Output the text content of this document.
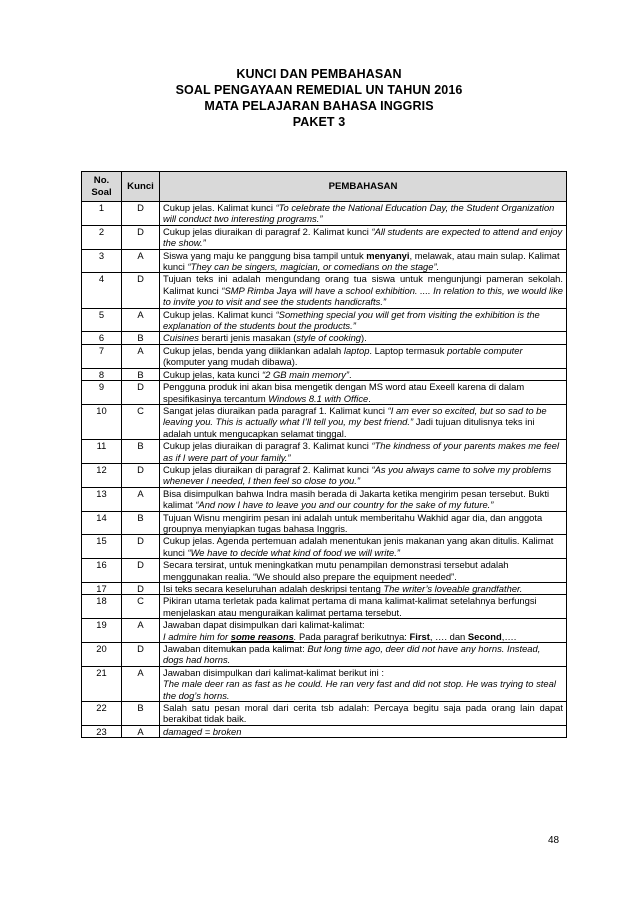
KUNCI DAN PEMBAHASAN
SOAL PENGAYAAN REMEDIAL UN TAHUN 2016
MATA PELAJARAN BAHASA INGGRIS
PAKET 3
No. Soal	Kunci	PEMBAHASAN
1	D	Cukup jelas. Kalimat kunci “To celebrate the National Education Day, the Student Organization will conduct two interesting programs.”
2	D	Cukup jelas diuraikan di paragraf 2. Kalimat kunci “All students are expected to attend and enjoy the show.”
3	A	Siswa yang maju ke panggung bisa tampil untuk menyanyi, melawak, atau main sulap. Kalimat kunci “They can be singers, magician, or comedians on the stage”.
4	D	Tujuan teks ini adalah mengundang orang tua siswa untuk mengunjungi pameran sekolah. Kalimat kunci “SMP Rimba Jaya will have a school exhibition. .... In relation to this, we would like to invite you to visit and see the students handicrafts.”
5	A	Cukup jelas. Kalimat kunci “Something special you will get from visiting the exhibition is the explanation of the students bout the products.”
6	B	Cuisines berarti jenis masakan (style of cooking).
7	A	Cukup jelas, benda yang diiklankan adalah laptop. Laptop termasuk portable computer (komputer yang mudah dibawa).
8	B	Cukup jelas, kata kunci “2 GB main memory”.
9	D	Pengguna produk ini akan bisa mengetik dengan MS word atau Exeell karena di dalam spesifikasinya tercantum Windows 8.1 with Office.
10	C	Sangat jelas diuraikan pada paragraf 1. Kalimat kunci “I am ever so excited, but so sad to be leaving you. This is actually what I’ll tell you, my best friend.” Jadi tujuan ditulisnya teks ini adalah untuk mengucapkan selamat tinggal.
11	B	Cukup jelas diuraikan di paragraf 3. Kalimat kunci “The kindness of your parents makes me feel as if I were part of your family.”
12	D	Cukup jelas diuraikan di paragraf 2. Kalimat kunci “As you always came to solve my problems whenever I needed, I then feel so close to you.”
13	A	Bisa disimpulkan bahwa Indra masih berada di Jakarta ketika mengirim pesan tersebut. Bukti kalimat “And now I have to leave you and our country for the sake of my future.”
14	B	Tujuan Wisnu mengirim pesan ini adalah untuk memberitahu Wakhid agar dia, dan anggota groupnya menyiapkan tugas bahasa Inggris.
15	D	Cukup jelas. Agenda pertemuan adalah menentukan jenis makanan yang akan ditulis. Kalimat kunci “We have to decide what kind of food we will write.”
16	D	Secara tersirat, untuk meningkatkan mutu penampilan demonstrasi tersebut adalah menggunakan realia. “We should also prepare the equipment needed”.
17	D	Isi teks secara keseluruhan adalah deskripsi tentang The writer’s loveable grandfather.
18	C	Pikiran utama terletak pada kalimat pertama di mana kalimat-kalimat setelahnya berfungsi menjelaskan atau menguraikan kalimat pertama tersebut.
19	A	Jawaban dapat disimpulkan dari kalimat-kalimat:
I admire him for some reasons. Pada paragraf berikutnya: First, …. dan Second,….
20	D	Jawaban ditemukan pada kalimat: But long time ago, deer did not have any horns. Instead, dogs had horns.
21	A	Jawaban disimpulkan dari kalimat-kalimat berikut ini :
The male deer ran as fast as he could. He ran very fast and did not stop. He was trying to steal the dog’s horns.
22	B	Salah satu pesan moral dari cerita tsb adalah: Percaya begitu saja pada orang lain dapat berakibat tidak baik.
23	A	damaged = broken
48
